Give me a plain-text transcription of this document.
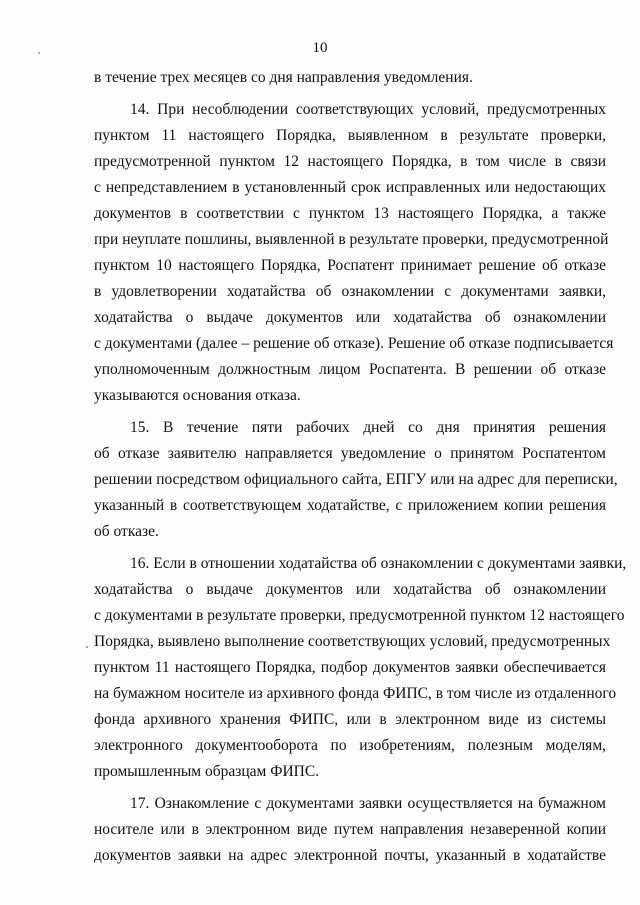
10
в течение трех месяцев со дня направления уведомления.
14. При несоблюдении соответствующих условий, предусмотренных
пунктом 11 настоящего Порядка, выявленном в результате проверки,
предусмотренной пунктом 12 настоящего Порядка, в том числе в связи
с непредставлением в установленный срок исправленных или недостающих
документов в соответствии с пунктом 13 настоящего Порядка, а также
при неуплате пошлины, выявленной в результате проверки, предусмотренной
пунктом 10 настоящего Порядка, Роспатент принимает решение об отказе
в удовлетворении ходатайства об ознакомлении с документами заявки,
ходатайства о выдаче документов или ходатайства об ознакомлении
с документами (далее – решение об отказе). Решение об отказе подписывается
уполномоченным должностным лицом Роспатента. В решении об отказе
указываются основания отказа.
15. В течение пяти рабочих дней со дня принятия решения
об отказе заявителю направляется уведомление о принятом Роспатентом
решении посредством официального сайта, ЕПГУ или на адрес для переписки,
указанный в соответствующем ходатайстве, с приложением копии решения
об отказе.
16. Если в отношении ходатайства об ознакомлении с документами заявки,
ходатайства о выдаче документов или ходатайства об ознакомлении
с документами в результате проверки, предусмотренной пунктом 12 настоящего
Порядка, выявлено выполнение соответствующих условий, предусмотренных
пунктом 11 настоящего Порядка, подбор документов заявки обеспечивается
на бумажном носителе из архивного фонда ФИПС, в том числе из отдаленного
фонда архивного хранения ФИПС, или в электронном виде из системы
электронного документооборота по изобретениям, полезным моделям,
промышленным образцам ФИПС.
17. Ознакомление с документами заявки осуществляется на бумажном
носителе или в электронном виде путем направления незаверенной копии
документов заявки на адрес электронной почты, указанный в ходатайстве
